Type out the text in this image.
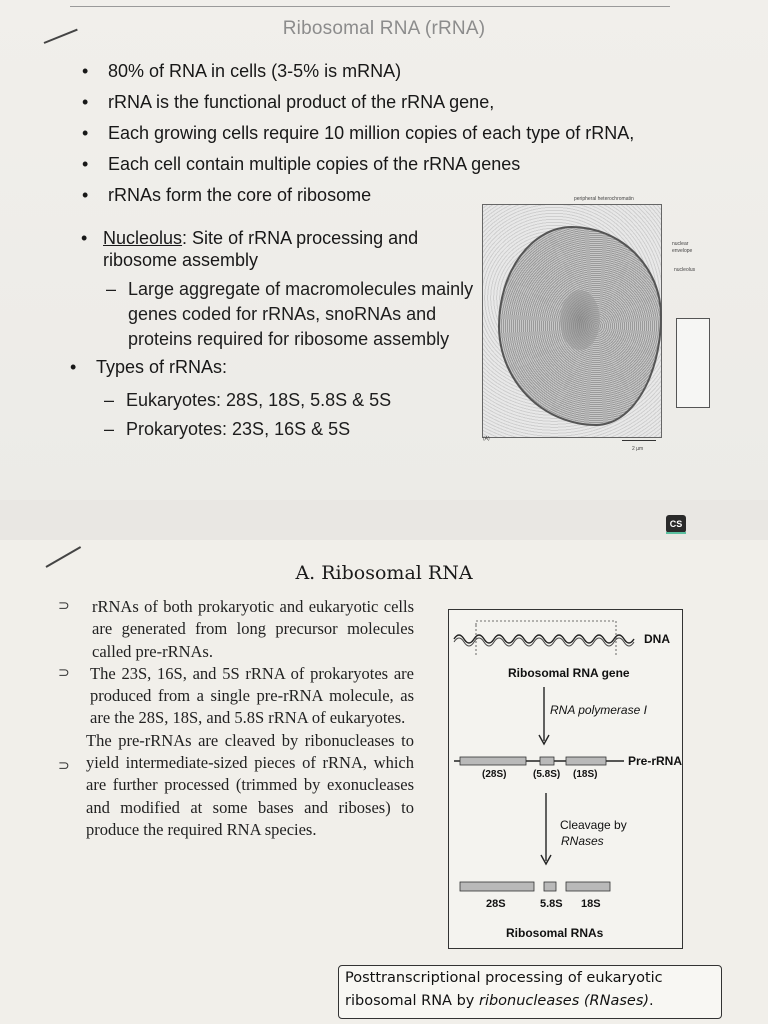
Ribosomal RNA (rRNA)
• 80% of RNA in cells (3-5% is mRNA)
• rRNA is the functional product of the rRNA gene,
• Each growing cells require 10 million copies of each type of rRNA,
• Each cell contain multiple copies of the rRNA genes
• rRNAs form the core of ribosome
• Nucleolus: Site of rRNA processing and
ribosome assembly
– Large aggregate of macromolecules mainly
genes coded for rRNAs, snoRNAs and
proteins required for ribosome assembly
• Types of rRNAs:
– Eukaryotes: 28S, 18S, 5.8S & 5S
– Prokaryotes: 23S, 16S & 5S
peripheral heterochromatin
nuclear
envelope
nucleolus
(A)
2 µm
CS
A. Ribosomal RNA
⊃
⊃
⊃

rRNAs of both prokaryotic and eukaryotic cells are generated from long precursor molecules called pre-rRNAs.

The 23S, 16S, and 5S rRNA of prokaryotes are produced from a single pre-rRNA molecule, as are the 28S, 18S, and 5.8S rRNA of eukaryotes.

The pre-rRNAs are cleaved by ribonucleases to yield intermediate-sized pieces of rRNA, which are further processed (trimmed by exonucleases and modified at some bases and riboses) to produce the required RNA species.

DNA
Ribosomal RNA gene
RNA polymerase I
Pre-rRNA
(28S)	(5.8S) (18S)
Cleavage by
RNases
28S	5.8S 18S
Ribosomal RNAs
Posttranscriptional processing of eukaryotic ribosomal RNA by ribonucleases (RNases).
